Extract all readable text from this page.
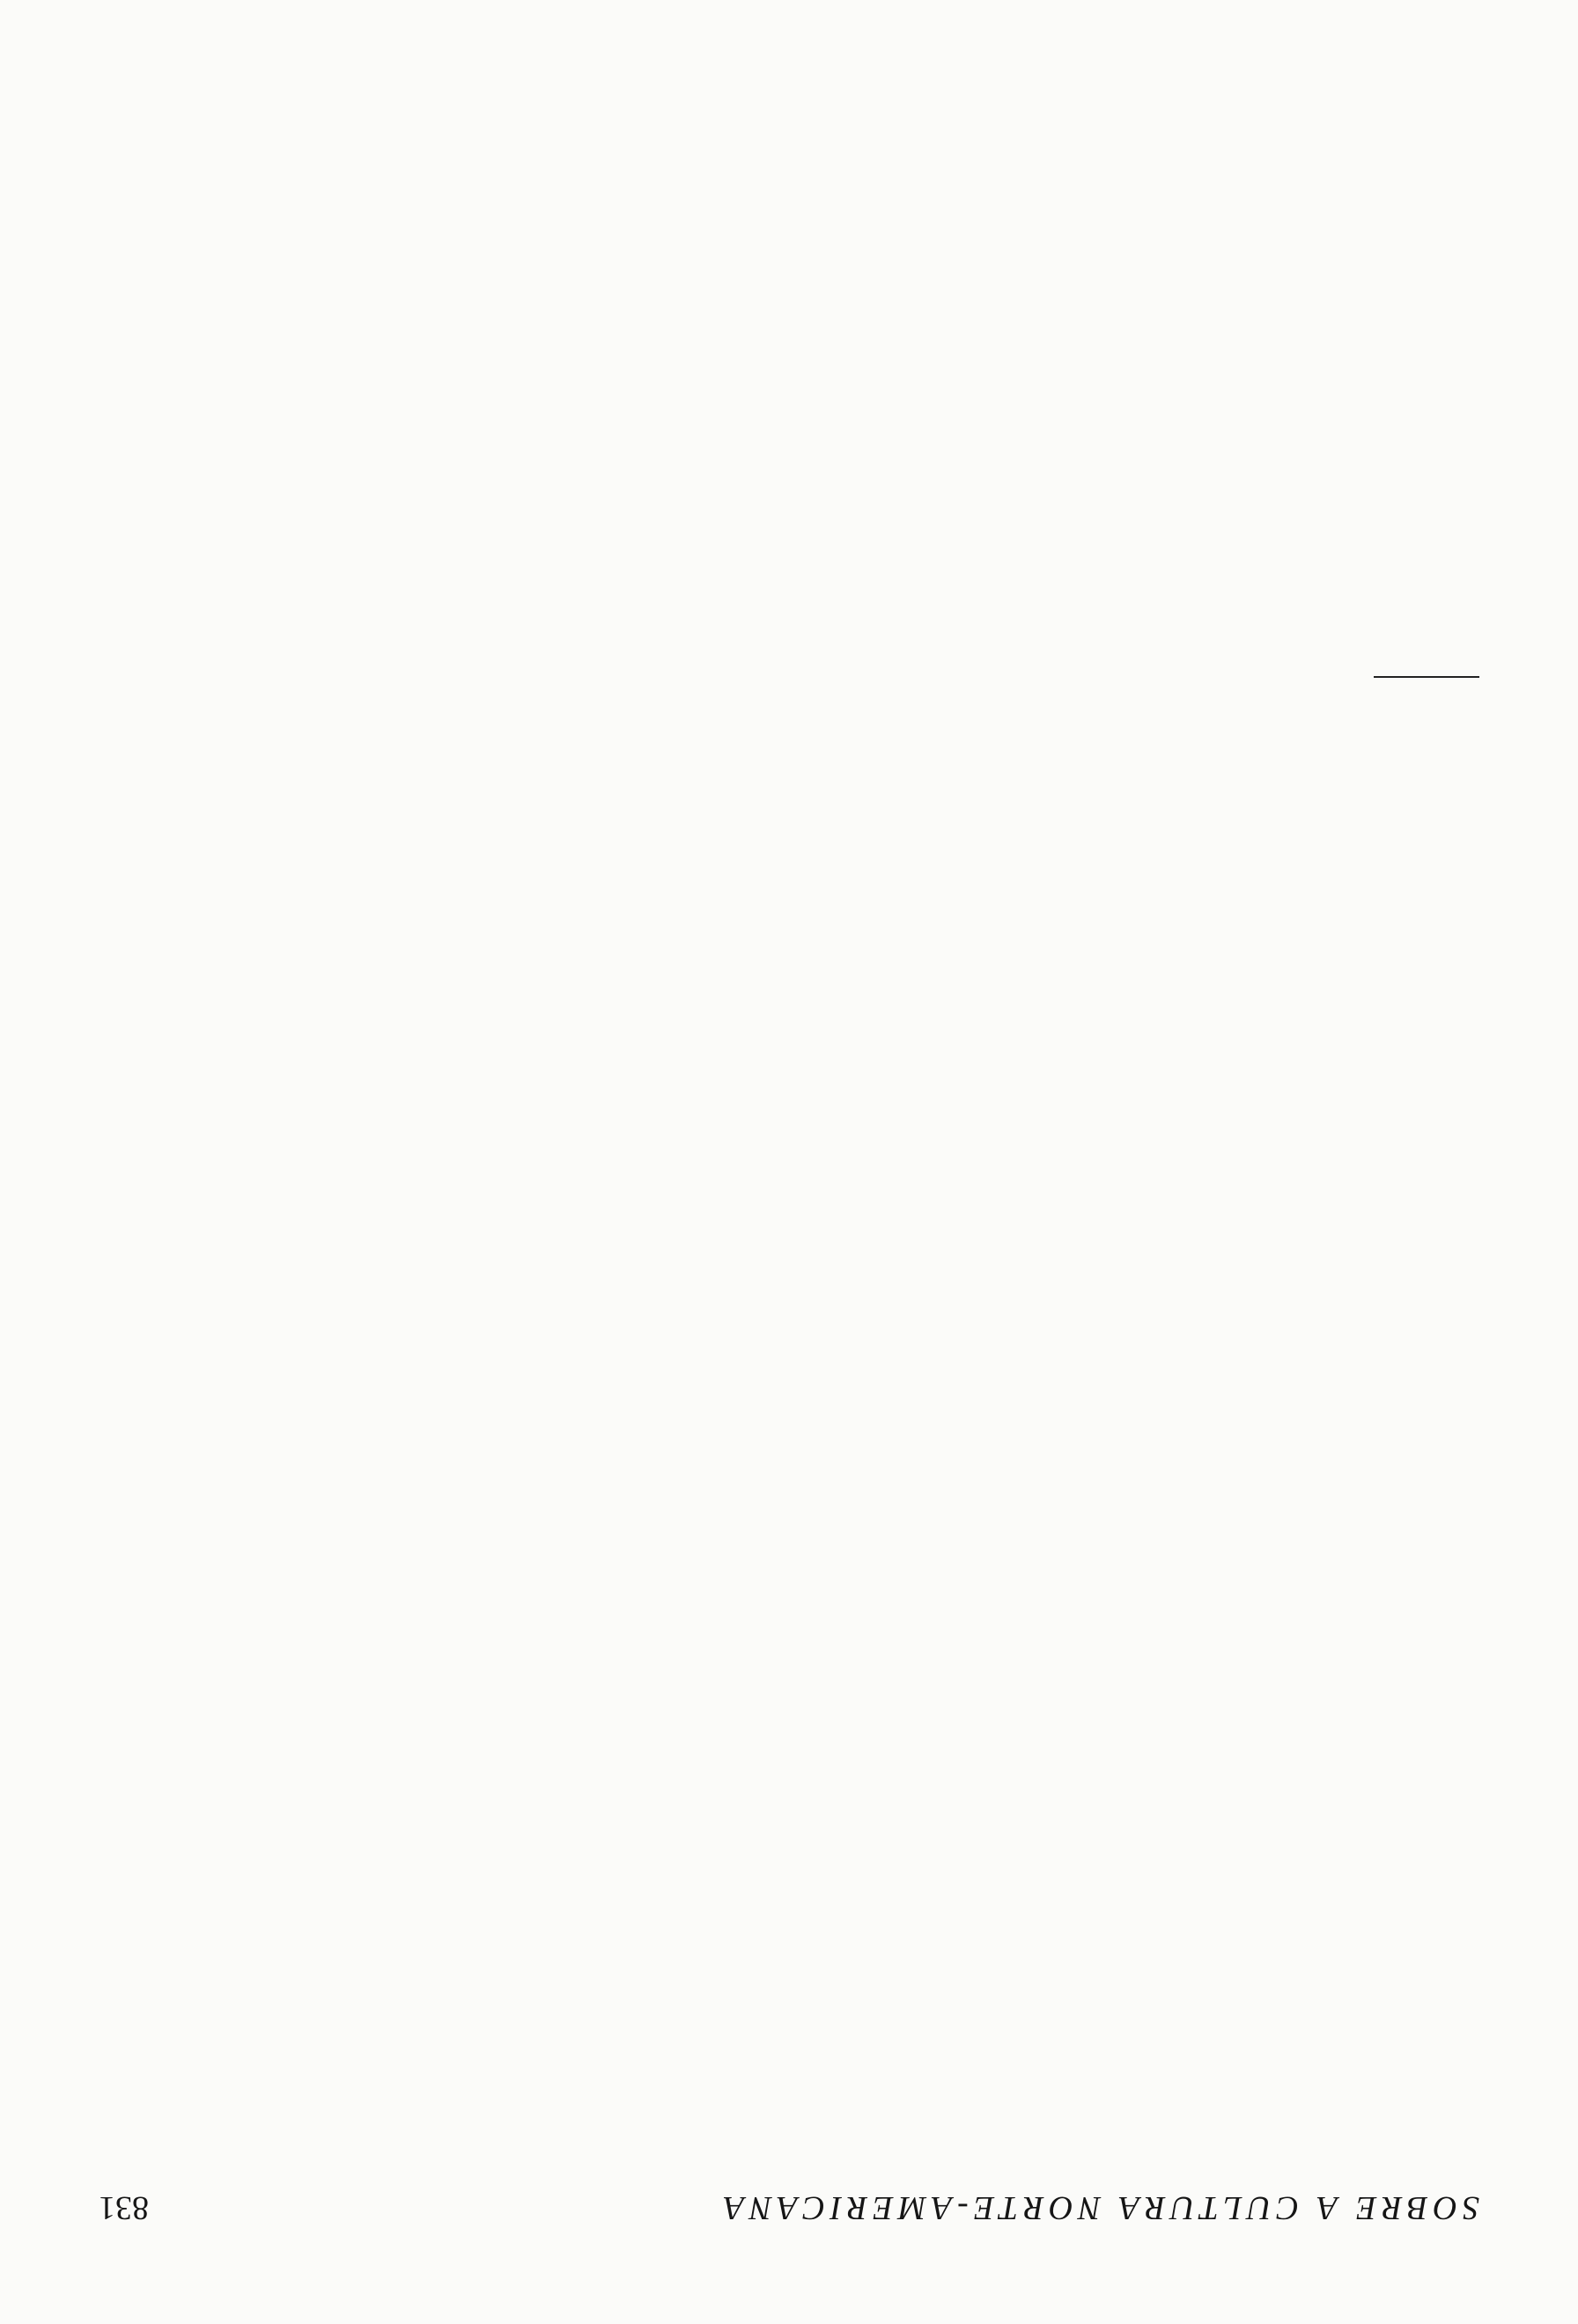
SOBRE A CULTURA NORTE-AMERICANA
831
